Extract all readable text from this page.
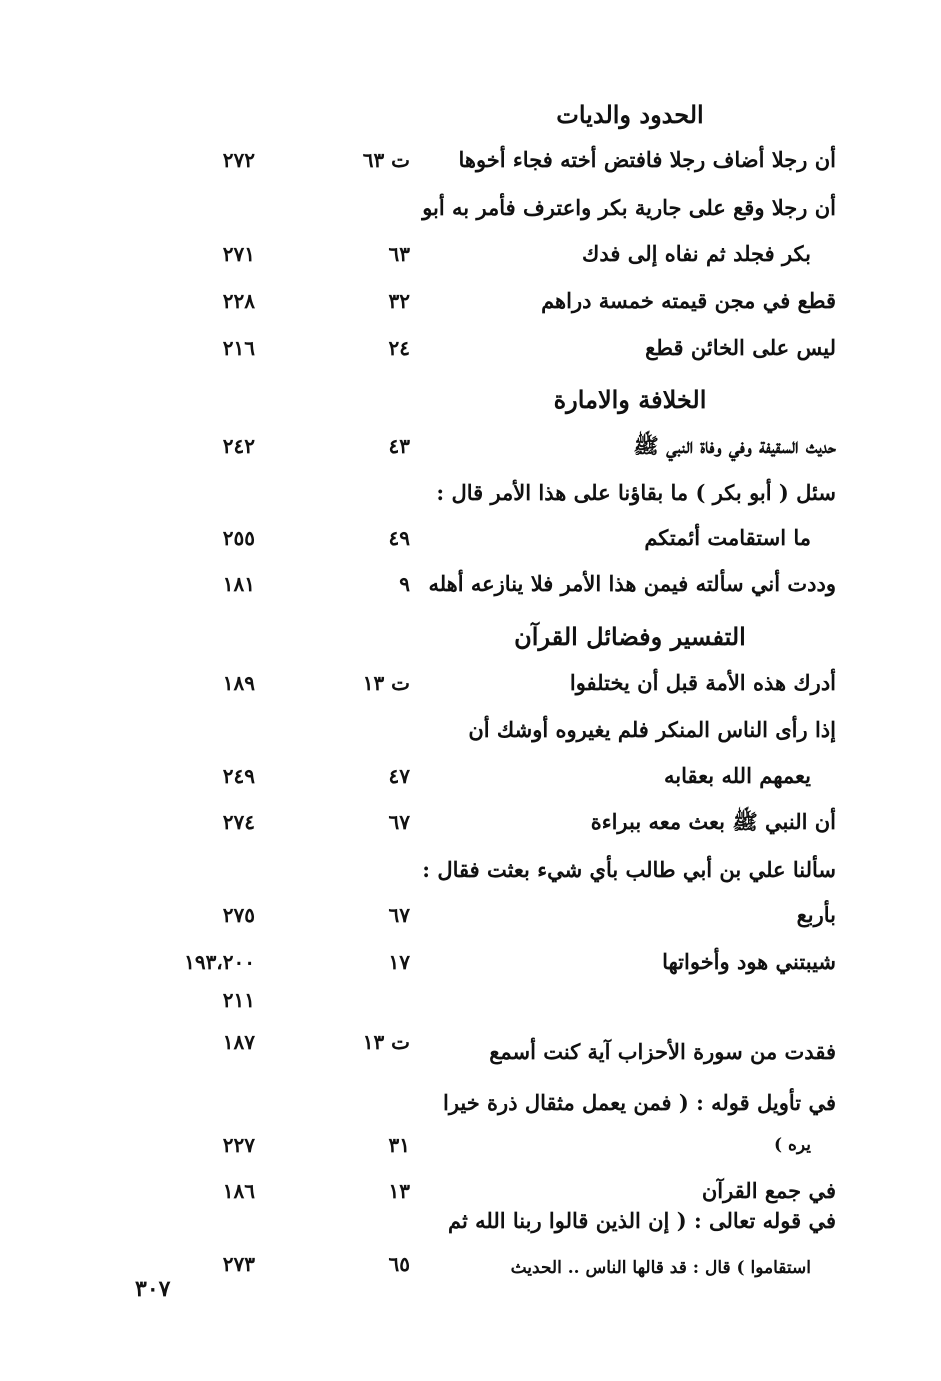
الحدود والديات
أن رجلا أضاف رجلا فافتض أخته فجاء أخوها
ت ٦٣
٢٧٢
أن رجلا وقع على جارية بكر واعترف فأمر به أبو
بكر فجلد ثم نفاه إلى فدك
٦٣
٢٧١
قطع في مجن قيمته خمسة دراهم
٣٢
٢٢٨
ليس على الخائن قطع
٢٤
٢١٦
الخلافة والامارة
حديث السقيفة وفي وفاة النبي ﷺ
٤٣
٢٤٢
سئل ( أبو بكر ) ما بقاؤنا على هذا الأمر قال :
ما استقامت أئمتكم
٤٩
٢٥٥
وددت أني سألته فيمن هذا الأمر فلا ينازعه أهله
٩
١٨١
التفسير وفضائل القرآن
أدرك هذه الأمة قبل أن يختلفوا
ت ١٣
١٨٩
إذا رأى الناس المنكر فلم يغيروه أوشك أن
يعمهم الله بعقابه
٤٧
٢٤٩
أن النبي ﷺ بعث معه ببراءة
٦٧
٢٧٤
سألنا علي بن أبي طالب بأي شيء بعثت فقال :
بأربع
٦٧
٢٧٥
شيبتني هود وأخواتها
١٧
١٩٣،٢٠٠
٢١١
فقدت من سورة الأحزاب آية كنت أسمع
ت ١٣
١٨٧
في تأويل قوله : ( فمن يعمل مثقال ذرة خيرا
يره )
٣١
٢٢٧
في جمع القرآن
١٣
١٨٦
في قوله تعالى : ( إن الذين قالوا ربنا الله ثم
استقاموا ) قال : قد قالها الناس .. الحديث
٦٥
٢٧٣
٣٠٧
